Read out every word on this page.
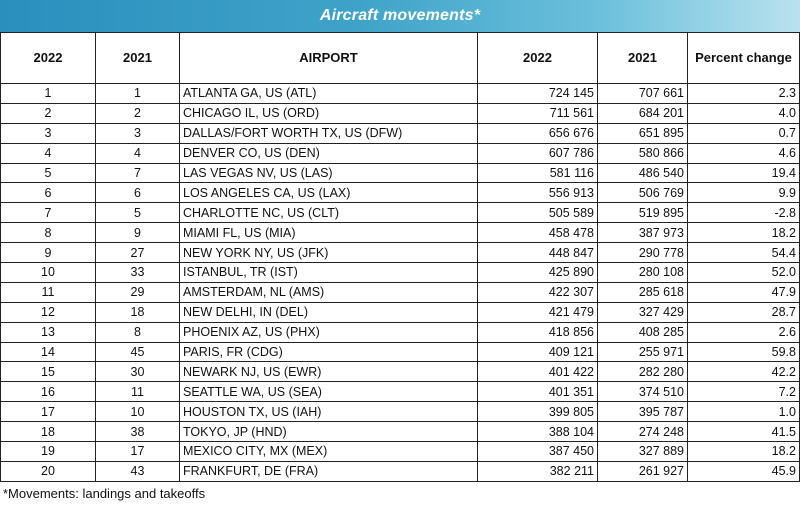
Aircraft movements*
2022	2021	AIRPORT	2022	2021	Percent change
1	1	ATLANTA GA, US (ATL)	724 145	707 661	2.3
2	2	CHICAGO IL, US (ORD)	711 561	684 201	4.0
3	3	DALLAS/FORT WORTH TX, US (DFW)	656 676	651 895	0.7
4	4	DENVER CO, US (DEN)	607 786	580 866	4.6
5	7	LAS VEGAS NV, US (LAS)	581 116	486 540	19.4
6	6	LOS ANGELES CA, US (LAX)	556 913	506 769	9.9
7	5	CHARLOTTE NC, US (CLT)	505 589	519 895	-2.8
8	9	MIAMI FL, US (MIA)	458 478	387 973	18.2
9	27	NEW YORK NY, US (JFK)	448 847	290 778	54.4
10	33	ISTANBUL, TR (IST)	425 890	280 108	52.0
11	29	AMSTERDAM, NL (AMS)	422 307	285 618	47.9
12	18	NEW DELHI, IN (DEL)	421 479	327 429	28.7
13	8	PHOENIX AZ, US (PHX)	418 856	408 285	2.6
14	45	PARIS, FR (CDG)	409 121	255 971	59.8
15	30	NEWARK NJ, US (EWR)	401 422	282 280	42.2
16	11	SEATTLE WA, US (SEA)	401 351	374 510	7.2
17	10	HOUSTON TX, US (IAH)	399 805	395 787	1.0
18	38	TOKYO, JP (HND)	388 104	274 248	41.5
19	17	MEXICO CITY, MX (MEX)	387 450	327 889	18.2
20	43	FRANKFURT, DE (FRA)	382 211	261 927	45.9
*Movements: landings and takeoffs
